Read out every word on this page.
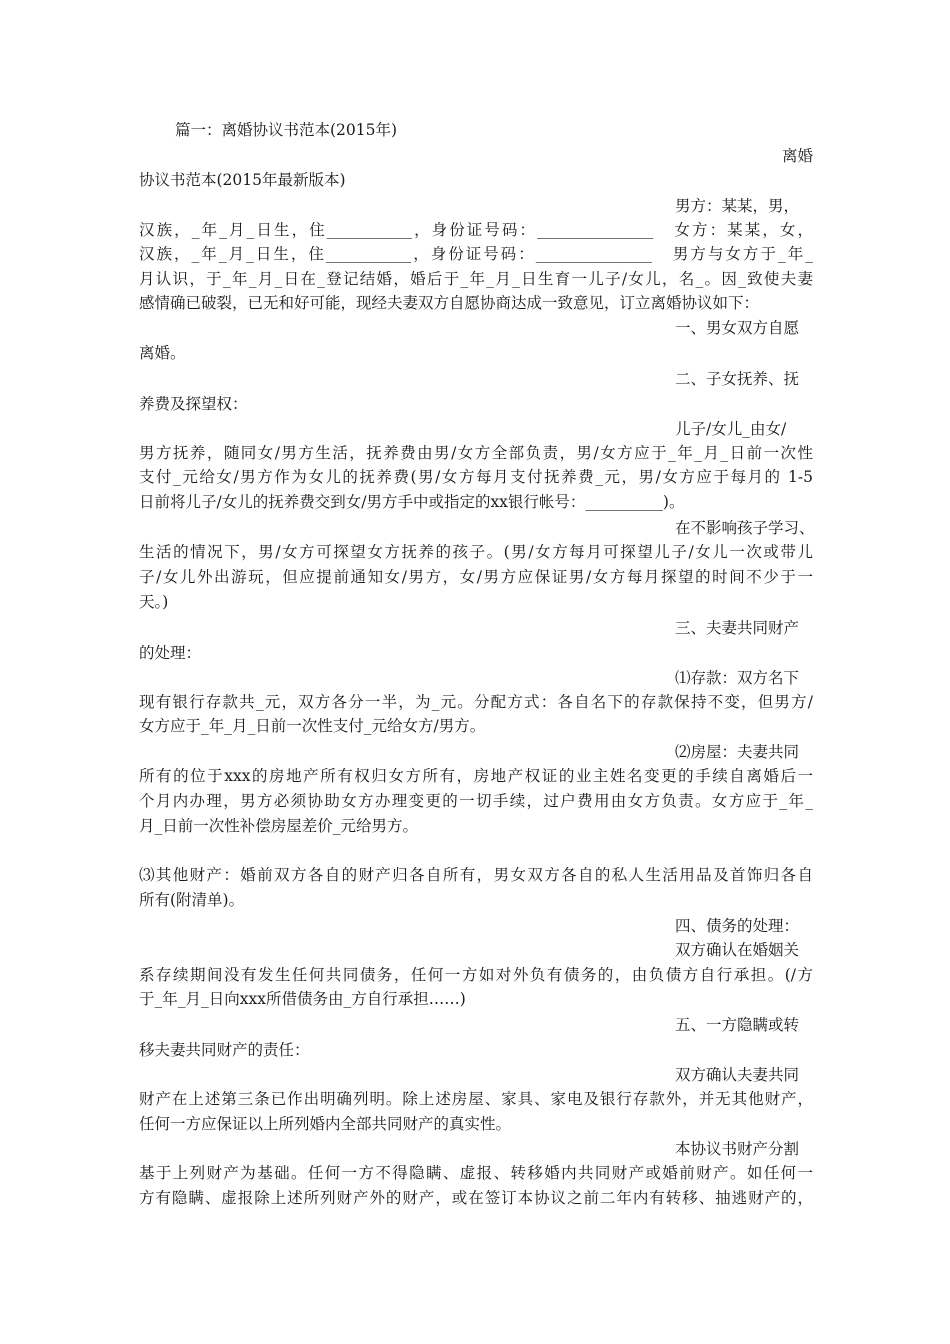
篇一：离婚协议书范本(2015年)
离婚
协议书范本(2015年最新版本)
男方：某某，男，
汉族，_年_月_日生，住___________，身份证号码：_______________   女方：某某，女，
汉族，_年_月_日生，住___________，身份证号码：_______________   男方与女方于_年_
月认识，于_年_月_日在_登记结婚，婚后于_年_月_日生育一儿子/女儿，名_。因_致使夫妻
感情确已破裂，已无和好可能，现经夫妻双方自愿协商达成一致意见，订立离婚协议如下：
一、男女双方自愿
离婚。
二、子女抚养、抚
养费及探望权：
儿子/女儿_由女/
男方抚养，随同女/男方生活，抚养费由男/女方全部负责，男/女方应于_年_月_日前一次性
支付_元给女/男方作为女儿的抚养费(男/女方每月支付抚养费_元，男/女方应于每月的 1-5
日前将儿子/女儿的抚养费交到女/男方手中或指定的xx银行帐号：__________)。
在不影响孩子学习、
生活的情况下，男/女方可探望女方抚养的孩子。(男/女方每月可探望儿子/女儿一次或带儿
子/女儿外出游玩，但应提前通知女/男方，女/男方应保证男/女方每月探望的时间不少于一
天。)
三、夫妻共同财产
的处理：
⑴存款：双方名下
现有银行存款共_元，双方各分一半，为_元。分配方式：各自名下的存款保持不变，但男方/
女方应于_年_月_日前一次性支付_元给女方/男方。
⑵房屋：夫妻共同
所有的位于xxx的房地产所有权归女方所有，房地产权证的业主姓名变更的手续自离婚后一
个月内办理，男方必须协助女方办理变更的一切手续，过户费用由女方负责。女方应于_年_
月_日前一次性补偿房屋差价_元给男方。
⑶其他财产：婚前双方各自的财产归各自所有，男女双方各自的私人生活用品及首饰归各自
所有(附清单)。
四、债务的处理：
双方确认在婚姻关
系存续期间没有发生任何共同债务，任何一方如对外负有债务的，由负债方自行承担。(/方
于_年_月_日向xxx所借债务由_方自行承担……)
五、一方隐瞒或转
移夫妻共同财产的责任：
双方确认夫妻共同
财产在上述第三条已作出明确列明。除上述房屋、家具、家电及银行存款外，并无其他财产，
任何一方应保证以上所列婚内全部共同财产的真实性。
本协议书财产分割
基于上列财产为基础。任何一方不得隐瞒、虚报、转移婚内共同财产或婚前财产。如任何一
方有隐瞒、虚报除上述所列财产外的财产，或在签订本协议之前二年内有转移、抽逃财产的，
